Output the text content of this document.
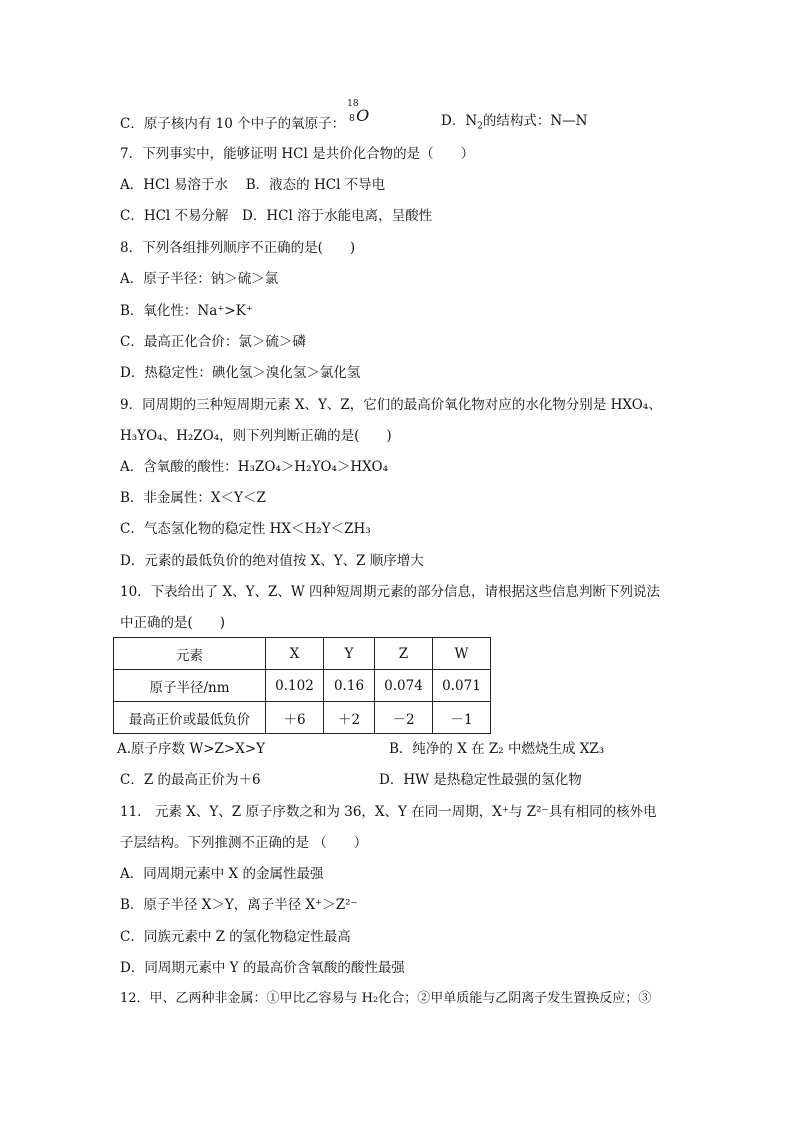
C．原子核内有 10 个中子的氧原子：
18
8 O	D．$N_2$的结构式：N—N
7．下列事实中，能够证明 HCl 是共价化合物的是（　　）
A．HCl 易溶于水　 B．液态的 HCl 不导电
C．HCl 不易分解　D．HCl 溶于水能电离，呈酸性
8．下列各组排列顺序不正确的是(　　)
A．原子半径：钠＞硫＞氯
B．氧化性：Na⁺>K⁺
C．最高正化合价：氯＞硫＞磷
D．热稳定性：碘化氢＞溴化氢＞氯化氢
9．同周期的三种短周期元素 X、Y、Z，它们的最高价氧化物对应的水化物分别是 HXO₄、
H₃YO₄、H₂ZO₄，则下列判断正确的是(　　)
A．含氧酸的酸性：H₃ZO₄＞H₂YO₄＞HXO₄
B．非金属性：X＜Y＜Z
C．气态氢化物的稳定性 HX＜H₂Y＜ZH₃
D．元素的最低负价的绝对值按 X、Y、Z 顺序增大
10．下表给出了 X、Y、Z、W 四种短周期元素的部分信息，请根据这些信息判断下列说法
中正确的是(　　)
元素	X	Y	Z	W
原子半径/nm	0.102	0.16	0.074	0.071
最高正价或最低负价	＋6	＋2	－2	－1
A.原子序数 W>Z>X>Y	B．纯净的 X 在 Z₂ 中燃烧生成 XZ₃
C．Z 的最高正价为＋6	D．HW 是热稳定性最强的氢化物
11． 元素 X、Y、Z 原子序数之和为 36，X、Y 在同一周期，X⁺与 Z²⁻具有相同的核外电
子层结构。下列推测不正确的是 （　　）
A．同周期元素中 X 的金属性最强
B．原子半径 X＞Y，离子半径 X⁺＞Z²⁻
C．同族元素中 Z 的氢化物稳定性最高
D．同周期元素中 Y 的最高价含氧酸的酸性最强
12．甲、乙两种非金属：①甲比乙容易与 H₂化合；②甲单质能与乙阴离子发生置换反应；③
